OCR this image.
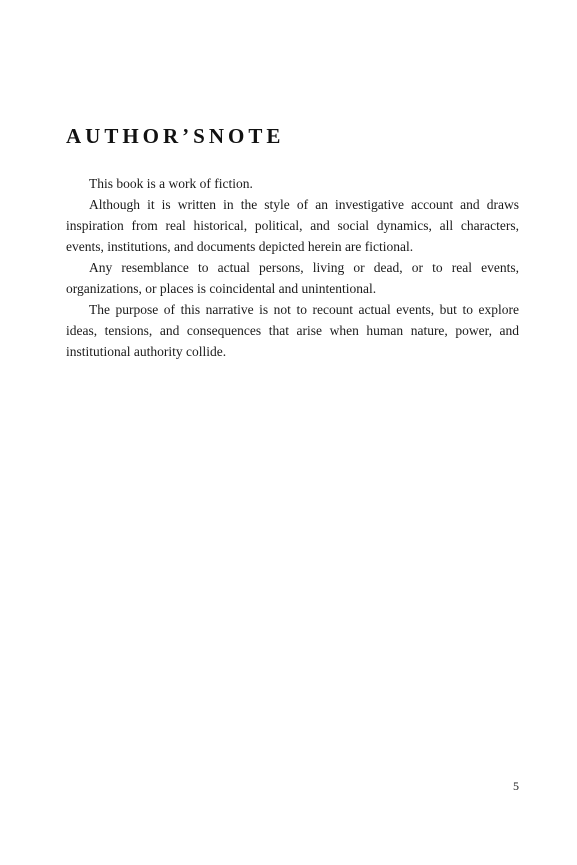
AUTHOR’SNOTE

This book is a work of fiction.

Although it is written in the style of an investigative account and draws inspiration from real historical, political, and social dynamics, all characters, events, institutions, and documents depicted herein are fictional.

Any resemblance to actual persons, living or dead, or to real events, organizations, or places is coincidental and unintentional.

The purpose of this narrative is not to recount actual events, but to explore ideas, tensions, and consequences that arise when human nature, power, and institutional authority collide.

5
